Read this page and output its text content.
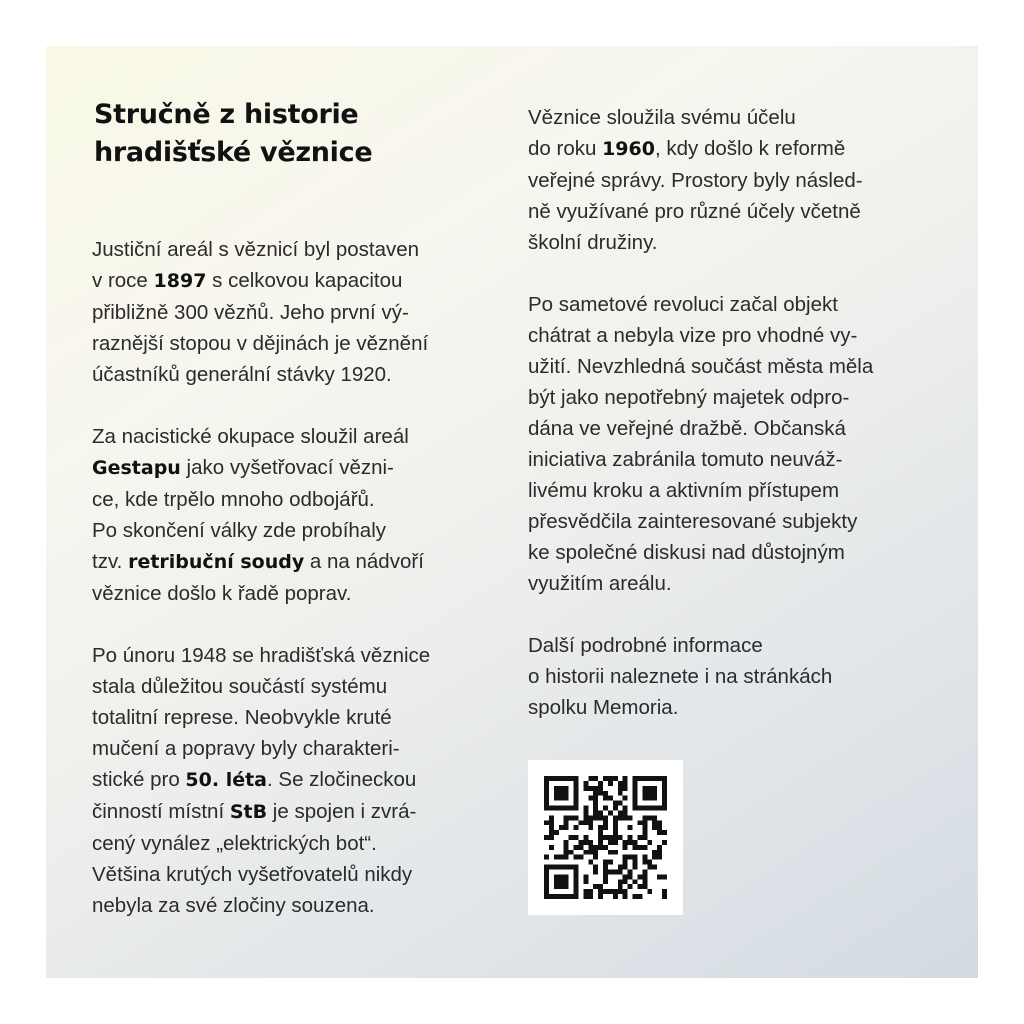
Stručně z historie
hradišťské věznice

Justiční areál s věznicí byl postaven
v roce 1897 s celkovou kapacitou
přibližně 300 vězňů. Jeho první vý-
raznější stopou v dějinách je věznění
účastníků generální stávky 1920.

Za nacistické okupace sloužil areál
Gestapu jako vyšetřovací vězni-
ce, kde trpělo mnoho odbojářů.
Po skončení války zde probíhaly
tzv. retribuční soudy a na nádvoří
věznice došlo k řadě poprav.

Po únoru 1948 se hradišťská věznice
stala důležitou součástí systému
totalitní represe. Neobvykle kruté
mučení a popravy byly charakteri-
stické pro 50. léta. Se zločineckou
činností místní StB je spojen i zvrá-
cený vynález „elektrických bot“.
Většina krutých vyšetřovatelů nikdy
nebyla za své zločiny souzena.

Věznice sloužila svému účelu
do roku 1960, kdy došlo k reformě
veřejné správy. Prostory byly násled-
ně využívané pro různé účely včetně
školní družiny.

Po sametové revoluci začal objekt
chátrat a nebyla vize pro vhodné vy-
užití. Nevzhledná součást města měla
být jako nepotřebný majetek odpro-
dána ve veřejné dražbě. Občanská
iniciativa zabránila tomuto neuváž-
livému kroku a aktivním přístupem
přesvědčila zainteresované subjekty
ke společné diskusi nad důstojným
využitím areálu.

Další podrobné informace
o historii naleznete i na stránkách
spolku Memoria.
